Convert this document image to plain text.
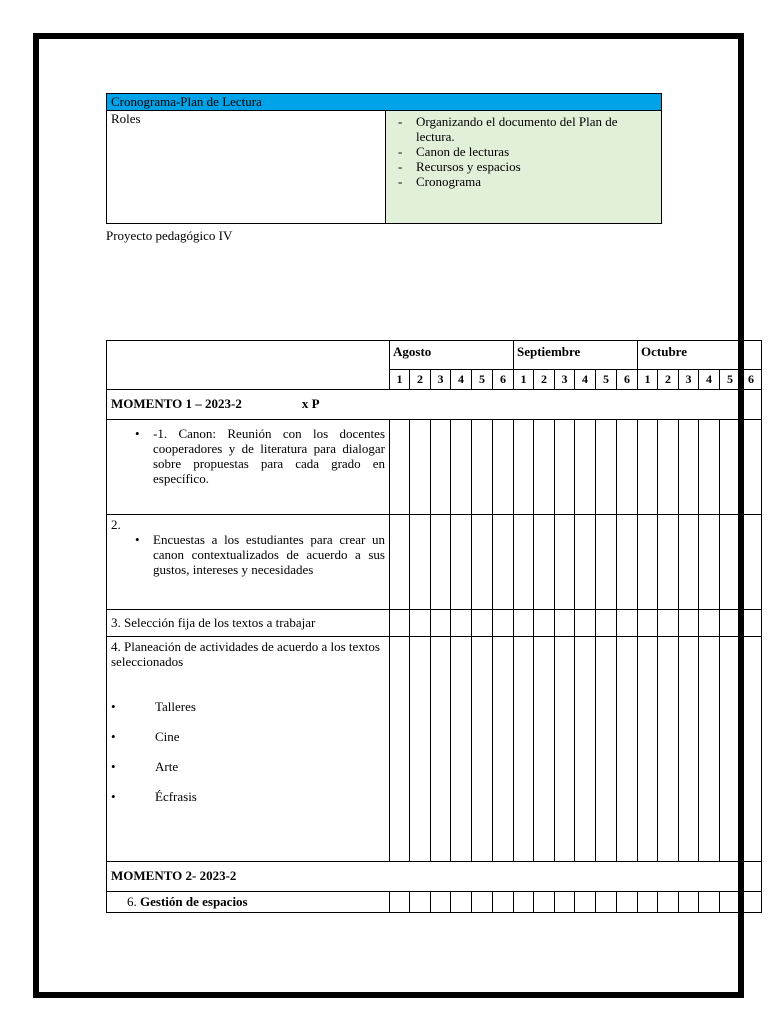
Cronograma-Plan de Lectura
Roles	
-Organizando el documento del Plan de lectura.
- Canon de lecturas
- Recursos y espacios
- Cronograma
Proyecto pedagógico IV
	Agosto						Septiembre						Octubre					
	1	2	3	4	5	6	1	2	3	4	5	6	1	2	3	4	5	6
MOMENTO 1 – 2023-2 x P																		

• -1. Canon: Reunión con los docentes cooperadores y de literatura para dialogar sobre propuestas para cada grado en específico.

2.
• Encuestas a los estudiantes para crear un canon contextualizados de acuerdo a sus gustos, intereses y necesidades

3. Selección fija de los textos a trabajar																		

4. Planeación de actividades de acuerdo a los textos seleccionados
• Talleres
• Cine
• Arte
• Écfrasis

MOMENTO 2- 2023-2																		
6. Gestión de espacios																		
